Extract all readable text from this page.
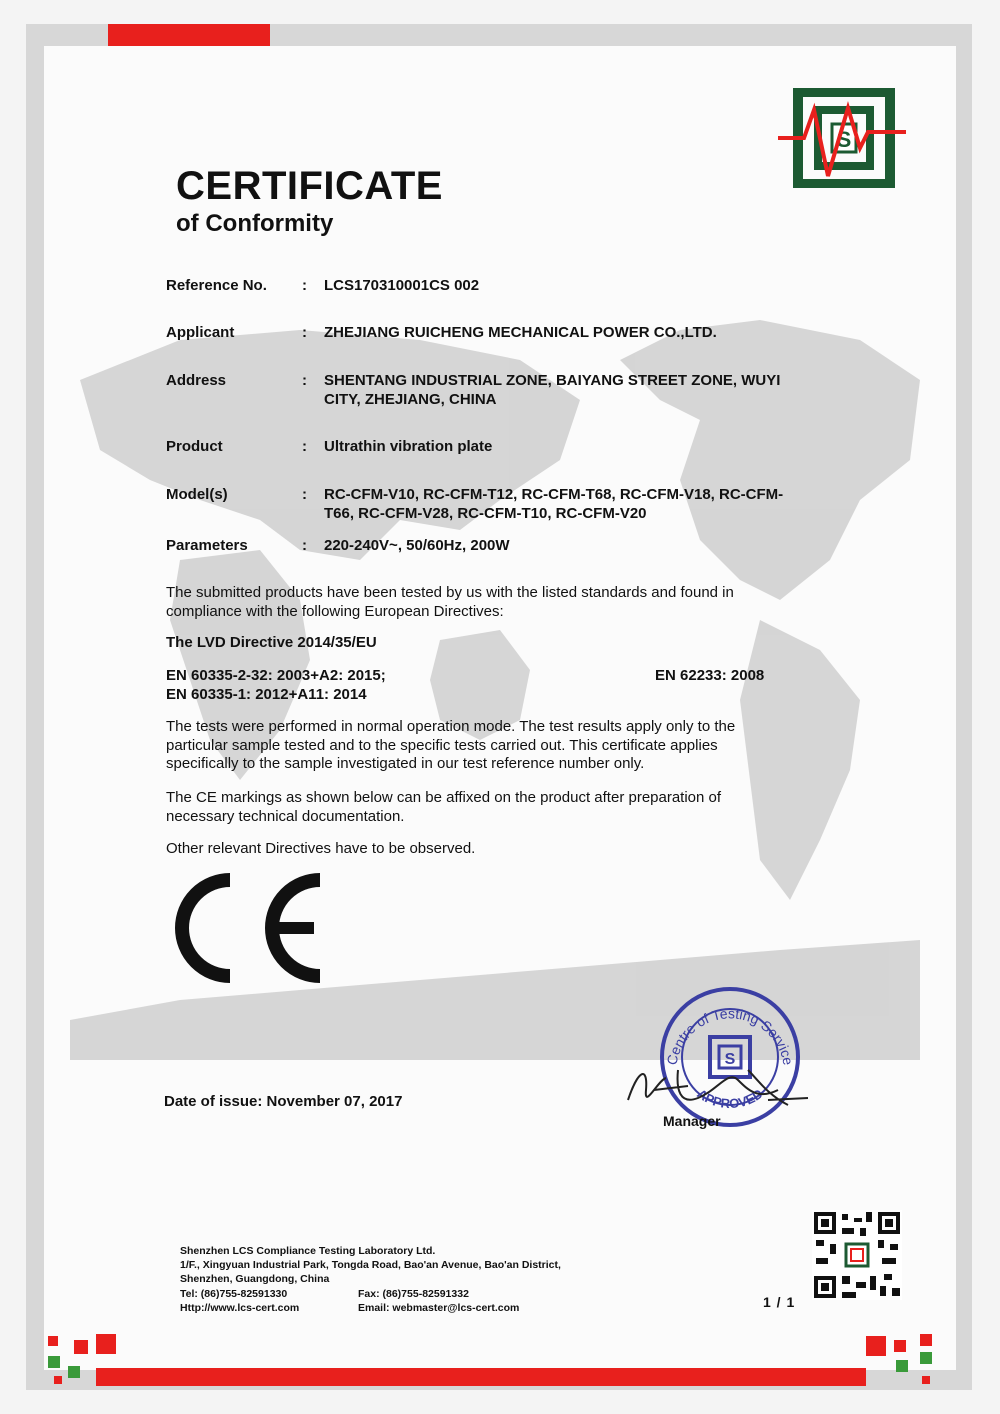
CERTIFICATE
of Conformity
S
Reference No.	: LCS170310001CS 002
Applicant	: ZHEJIANG RUICHENG MECHANICAL POWER CO.,LTD.
Address	: SHENTANG INDUSTRIAL ZONE, BAIYANG STREET ZONE, WUYI
CITY, ZHEJIANG, CHINA
Product	: Ultrathin vibration plate
Model(s)	: RC-CFM-V10, RC-CFM-T12, RC-CFM-T68, RC-CFM-V18, RC-CFM-
T66, RC-CFM-V28, RC-CFM-T10, RC-CFM-V20
Parameters	: 220-240V~, 50/60Hz, 200W
The submitted products have been tested by us with the listed standards and found in
compliance with the following European Directives:
The LVD Directive 2014/35/EU
EN 60335-2-32: 2003+A2: 2015;
EN 60335-1: 2012+A11: 2014
EN 62233: 2008
The tests were performed in normal operation mode. The test results apply only to the
particular sample tested and to the specific tests carried out. This certificate applies
specifically to the sample investigated in our test reference number only.
The CE markings as shown below can be affixed on the product after preparation of
necessary technical documentation.
Other relevant Directives have to be observed.
Date of issue: November 07, 2017
S
Centre of Testing Service
APPROVED
Manager
Shenzhen LCS Compliance Testing Laboratory Ltd.
1/F., Xingyuan Industrial Park, Tongda Road, Bao'an Avenue, Bao'an District,
Shenzhen, Guangdong, China
Tel: (86)755-82591330	Fax: (86)755-82591332
Http://www.lcs-cert.com	Email: webmaster@lcs-cert.com	1 / 1
